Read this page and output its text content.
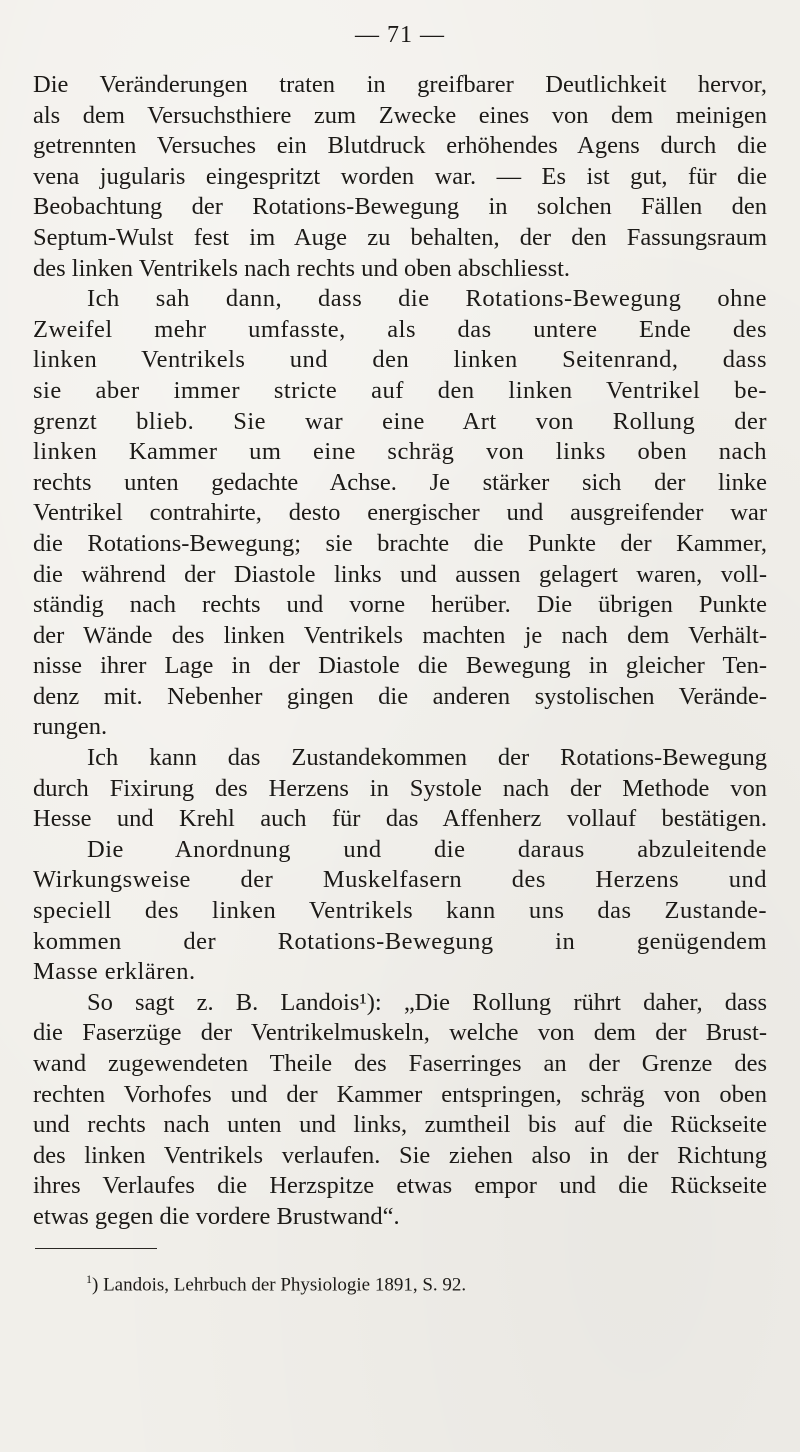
— 71 —
Die Veränderungen traten in greifbarer Deutlichkeit hervor,
als dem Versuchsthiere zum Zwecke eines von dem meinigen
getrennten Versuches ein Blutdruck erhöhendes Agens durch die
vena jugularis eingespritzt worden war. — Es ist gut, für die
Beobachtung der Rotations-Bewegung in solchen Fällen den
Septum-Wulst fest im Auge zu behalten, der den Fassungsraum
des linken Ventrikels nach rechts und oben abschliesst.
Ich sah dann, dass die Rotations-Bewegung ohne
Zweifel mehr umfasste, als das untere Ende des
linken Ventrikels und den linken Seitenrand, dass
sie aber immer stricte auf den linken Ventrikel be-
grenzt blieb. Sie war eine Art von Rollung der
linken Kammer um eine schräg von links oben nach
rechts unten gedachte Achse. Je stärker sich der linke
Ventrikel contrahirte, desto energischer und ausgreifender war
die Rotations-Bewegung; sie brachte die Punkte der Kammer,
die während der Diastole links und aussen gelagert waren, voll-
ständig nach rechts und vorne herüber. Die übrigen Punkte
der Wände des linken Ventrikels machten je nach dem Verhält-
nisse ihrer Lage in der Diastole die Bewegung in gleicher Ten-
denz mit. Nebenher gingen die anderen systolischen Verände-
rungen.
Ich kann das Zustandekommen der Rotations-Bewegung
durch Fixirung des Herzens in Systole nach der Methode von
Hesse und Krehl auch für das Affenherz vollauf bestätigen.
Die Anordnung und die daraus abzuleitende
Wirkungsweise der Muskelfasern des Herzens und
speciell des linken Ventrikels kann uns das Zustande-
kommen der Rotations-Bewegung in genügendem
Masse erklären.
So sagt z. B. Landois¹): „Die Rollung rührt daher, dass
die Faserzüge der Ventrikelmuskeln, welche von dem der Brust-
wand zugewendeten Theile des Faserringes an der Grenze des
rechten Vorhofes und der Kammer entspringen, schräg von oben
und rechts nach unten und links, zumtheil bis auf die Rückseite
des linken Ventrikels verlaufen. Sie ziehen also in der Richtung
ihres Verlaufes die Herzspitze etwas empor und die Rückseite
etwas gegen die vordere Brustwand“.
$^1$) Landois, Lehrbuch der Physiologie 1891, S. 92.
